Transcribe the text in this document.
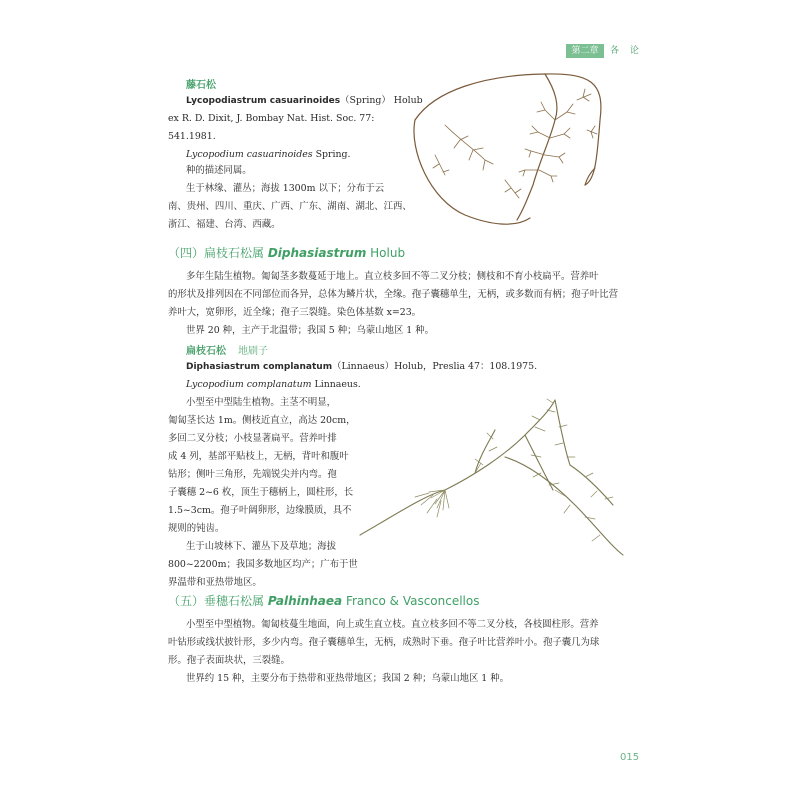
第二章	各 论
藤石松
Lycopodiastrum casuarinoides（Spring） Holub
ex R. D. Dixit, J. Bombay Nat. Hist. Soc. 77:
541.1981.
Lycopodium casuarinoides Spring.
种的描述同属。
生于林缘、灌丛；海拔 1300m 以下；分布于云
南、贵州、四川、重庆、广西、广东、湖南、湖北、江西、
浙江、福建、台湾、西藏。
（四）扁枝石松属 Diphasiastrum Holub
多年生陆生植物。匍匐茎多数蔓延于地上。直立枝多回不等二叉分枝；侧枝和不育小枝扁平。营养叶
的形状及排列因在不同部位而各异，总体为鳞片状，全缘。孢子囊穗单生，无柄，或多数而有柄；孢子叶比营
养叶大，宽卵形，近全缘；孢子三裂缝。染色体基数 x=23。
世界 20 种，主产于北温带；我国 5 种；乌蒙山地区 1 种。
扁枝石松 地刷子
Diphasiastrum complanatum（Linnaeus）Holub，Preslia 47：108.1975.
Lycopodium complanatum Linnaeus.
小型至中型陆生植物。主茎不明显，
匍匐茎长达 1m。侧枝近直立，高达 20cm，
多回二叉分枝；小枝显著扁平。营养叶排
成 4 列，基部平贴枝上，无柄，背叶和腹叶
钻形；侧叶三角形，先端锐尖并内弯。孢
子囊穗 2~6 枚，顶生于穗柄上，圆柱形，长
1.5~3cm。孢子叶阔卵形，边缘膜质，具不
规则的钝齿。
生于山坡林下、灌丛下及草地；海拔
800~2200m；我国多数地区均产；广布于世
界温带和亚热带地区。
（五）垂穗石松属 Palhinhaea Franco & Vasconcellos
小型至中型植物。匍匐枝蔓生地面，向上或生直立枝。直立枝多回不等二叉分枝，各枝圆柱形。营养
叶钻形或线状披针形，多少内弯。孢子囊穗单生，无柄，成熟时下垂。孢子叶比营养叶小。孢子囊几为球
形。孢子表面块状，三裂缝。
世界约 15 种，主要分布于热带和亚热带地区；我国 2 种；乌蒙山地区 1 种。
015
